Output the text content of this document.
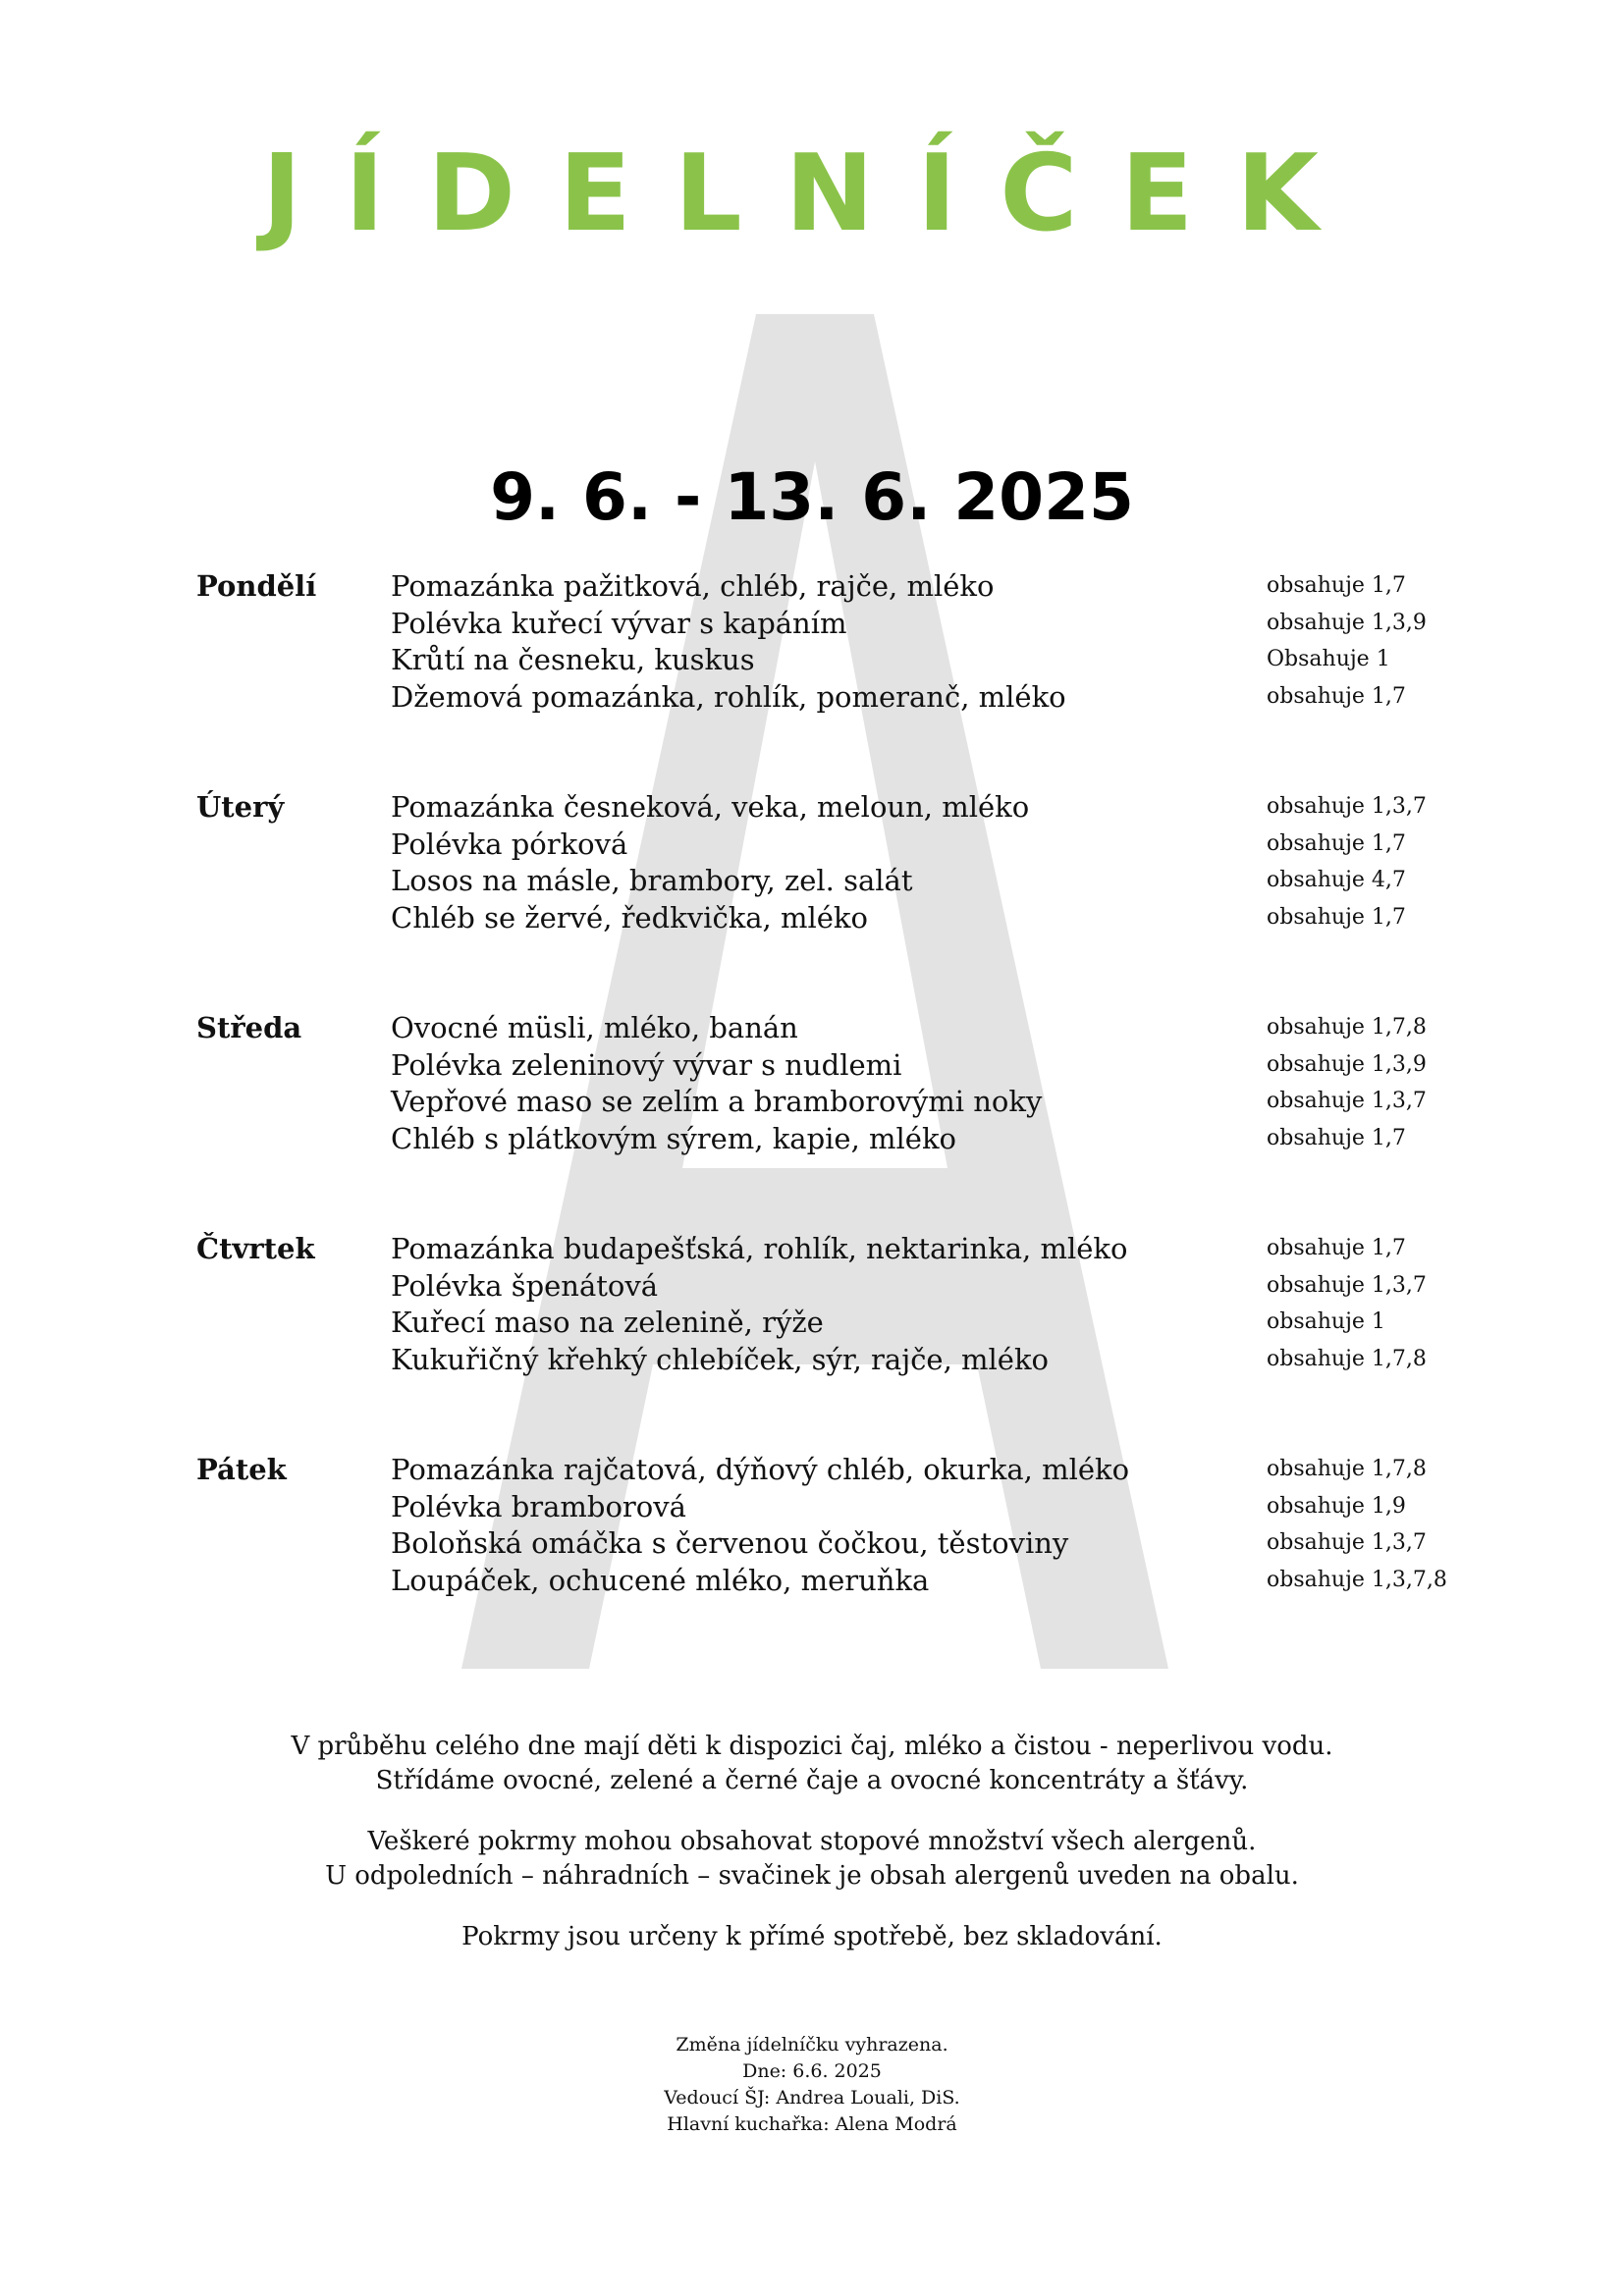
JÍDELNÍČEK
9. 6. - 13. 6. 2025
Pondělí	Pomazánka pažitková, chléb, rajče, mléko	obsahuje 1,7
Polévka kuřecí vývar s kapáním	obsahuje 1,3,9
Krůtí na česneku, kuskus	Obsahuje 1
Džemová pomazánka, rohlík, pomeranč, mléko	obsahuje 1,7
Úterý	Pomazánka česneková, veka, meloun, mléko	obsahuje 1,3,7
Polévka pórková	obsahuje 1,7
Losos na másle, brambory, zel. salát	obsahuje 4,7
Chléb se žervé, ředkvička, mléko	obsahuje 1,7
Středa	Ovocné müsli, mléko, banán	obsahuje 1,7,8
Polévka zeleninový vývar s nudlemi	obsahuje 1,3,9
Vepřové maso se zelím a bramborovými noky	obsahuje 1,3,7
Chléb s plátkovým sýrem, kapie, mléko	obsahuje 1,7
Čtvrtek	Pomazánka budapešťská, rohlík, nektarinka, mléko	obsahuje 1,7
Polévka špenátová	obsahuje 1,3,7
Kuřecí maso na zelenině, rýže	obsahuje 1
Kukuřičný křehký chlebíček, sýr, rajče, mléko	obsahuje 1,7,8
Pátek	Pomazánka rajčatová, dýňový chléb, okurka, mléko	obsahuje 1,7,8
Polévka bramborová	obsahuje 1,9
Boloňská omáčka s červenou čočkou, těstoviny	obsahuje 1,3,7
Loupáček, ochucené mléko, meruňka	obsahuje 1,3,7,8

V průběhu celého dne mají děti k dispozici čaj, mléko a čistou - neperlivou vodu.
Střídáme ovocné, zelené a černé čaje a ovocné koncentráty a šťávy.

Veškeré pokrmy mohou obsahovat stopové množství všech alergenů.
U odpoledních – náhradních – svačinek je obsah alergenů uveden na obalu.

Pokrmy jsou určeny k přímé spotřebě, bez skladování.

Změna jídelníčku vyhrazena.
Dne: 6.6. 2025
Vedoucí ŠJ: Andrea Louali, DiS.
Hlavní kuchařka: Alena Modrá
